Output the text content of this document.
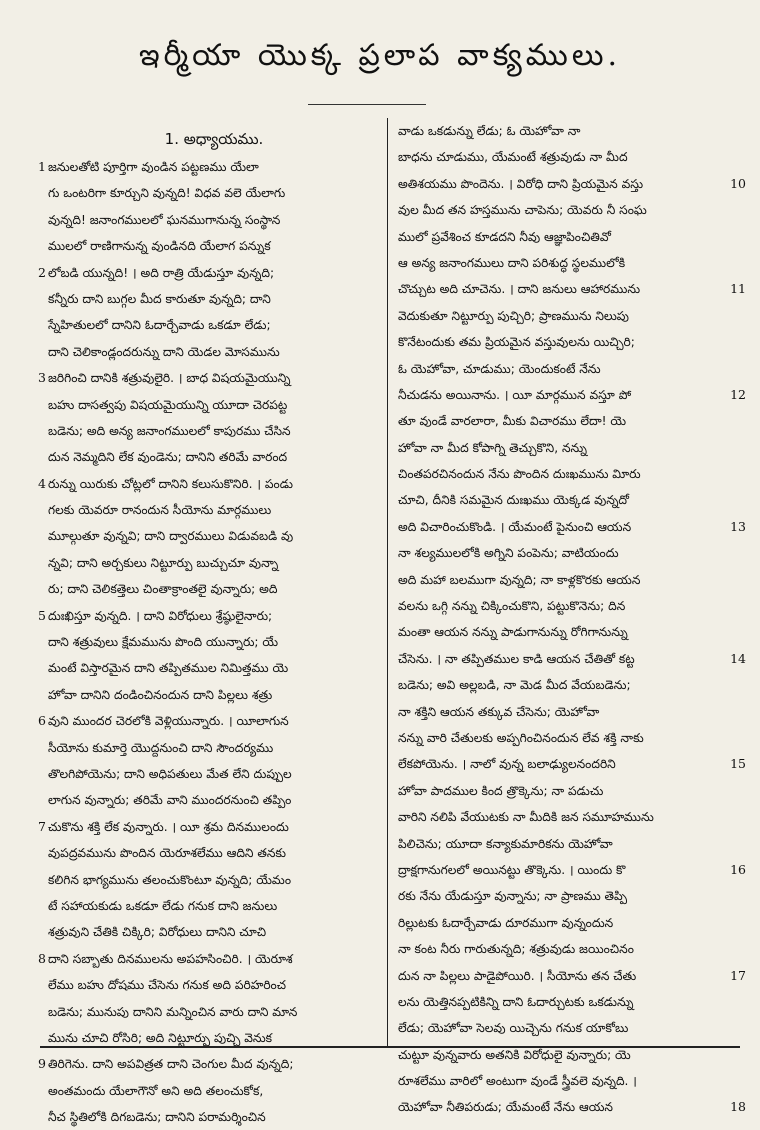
ఇర్మీయా యొక్క ప్రలాప వాక్యములు.
1. అధ్యాయము.
జనులతోటి పూర్తిగా వుండిన పట్టణము యేలా
1
గు ఒంటరిగా కూర్చుని వున్నది! విధవ వలె యేలాగు
వున్నది! జనాంగములలో ఘనముగానున్న సంస్థాన
ములలో రాణిగానున్న వుండినది యేలాగ పన్నుక
లోబడి యున్నది! । అది రాత్రి యేడుస్తూ వున్నది;
2
కన్నీరు దాని బుగ్గల మీద కారుతూ వున్నది; దాని
స్నేహితులలో దానిని ఓదార్చేవాడు ఒకడూ లేడు;
దాని చెలికాండ్లందరున్ను దాని యెడల మోసమును
జరిగించి దానికి శత్రువులైరి. । బాధ విషయమైయున్ని
3
బహు దాసత్వపు విషయమైయున్ని యూదా చెరపట్ట
బడెను; అది అన్య జనాంగములలో కాపురము చేసిన
దున నెమ్మదిని లేక వుండెను; దానిని తరిమే వారంద
రున్ను యిరుకు చోట్లలో దానిని కలుసుకొనిరి. । పండు
4
గలకు యెవరూ రానందున సీయోను మార్గములు
మూల్గుతూ వున్నవి; దాని ద్వారములు విడువబడి వు
న్నవి; దాని అర్చకులు నిట్టూర్పు బుచ్చుచూ వున్నా
రు; దాని చెలికత్తెలు చింతాక్రాంతలై వున్నారు; అది
దుఃఖిస్తూ వున్నది. । దాని విరోధులు శ్రేష్ఠులైనారు;
5
దాని శత్రువులు క్షేమమును పొంది యున్నారు; యే
మంటే విస్తారమైన దాని తప్పితముల నిమిత్తము యె
హోవా దానిని దండించినందున దాని పిల్లలు శత్రు
వుని ముందర చెరలోకి వెళ్లియున్నారు. । యీలాగున
6
సీయోను కుమార్తె యొద్దనుంచి దాని సౌందర్యము
తొలగిపోయెను; దాని అధిపతులు మేత లేని దుప్పుల
లాగున వున్నారు; తరిమే వాని ముందరనుంచి తప్పిం
చుకొను శక్తి లేక వున్నారు. । యీ శ్రమ దినములందు
7
వుపద్రవమును పొందిన యెరూశలేము ఆదిని తనకు
కలిగిన భాగ్యమును తలంచుకొంటూ వున్నది; యేమం
టే సహాయకుడు ఒకడూ లేడు గనుక దాని జనులు
శత్రువుని చేతికి చిక్కిరి; విరోధులు దానిని చూచి
దాని సబ్బాతు దినములను అపహసించిరి. । యెరూశ
8
లేము బహు దోషము చేసెను గనుక అది పరిహరించ
బడెను; మునుపు దానిని మన్నించిన వారు దాని మాన
మును చూచి రోసిరి; అది నిట్టూర్పు పుచ్చి వెనుక
తిరిగెను. దాని అపవిత్రత దాని చెంగుల మీద వున్నది;
9
అంతమందు యేలాగౌనో అని అది తలంచుకోక,
నీచ స్థితిలోకి దిగబడెను; దానిని పరామర్శించిన
వాడు ఒకడున్ను లేడు; ఓ యెహోవా నా
బాధను చూడుము, యేమంటే శత్రువుడు నా మీద
అతిశయము పొందెను. । విరోధి దాని ప్రియమైన వస్తు	10
వుల మీద తన హస్తమును చాపెను; యెవరు నీ సంఘ
ములో ప్రవేశించ కూడదని నీవు ఆజ్ఞాపించితివో
ఆ అన్య జనాంగములు దాని పరిశుద్ధ స్థలములోకి
చొచ్చుట అది చూచెను. । దాని జనులు ఆహారమును	11
వెదుకుతూ నిట్టూర్పు పుచ్చిరి; ప్రాణమును నిలుపు
కొనేటందుకు తమ ప్రియమైన వస్తువులను యిచ్చిరి;
ఓ యెహోవా, చూడుము; యెందుకంటే నేను
నీచుడను అయినాను. । యీ మార్గమున వస్తూ పో	12
తూ వుండే వారలారా, మీకు విచారము లేదా! యె
హోవా నా మీద కోపాగ్ని తెచ్చుకొని, నన్ను
చింతపరచినందున నేను పొందిన దుఃఖమును విూరు
చూచి, దీనికి సమమైన దుఃఖము యెక్కడ వున్నదో
అది విచారించుకొండి. । యేమంటే పైనుంచి ఆయన	13
నా శల్యములలోకి అగ్నిని పంపెను; వాటియందు
అది మహా బలముగా వున్నది; నా కాళ్లకొరకు ఆయన
వలను ఒగ్గి నన్ను చిక్కించుకొని, పట్టుకొనెను; దిన
మంతా ఆయన నన్ను పాడుగానున్ను రోగిగానున్ను
చేసెను. । నా తప్పితముల కాడి ఆయన చేతితో కట్ట	14
బడెను; అవి అల్లబడి, నా మెడ మీద వేయబడెను;
నా శక్తిని ఆయన తక్కువ చేసెను; యెహోవా
నన్ను వారి చేతులకు అప్పగించినందున లేవ శక్తి నాకు
లేకపోయెను. । నాలో వున్న బలాఢ్యులనందరిని	15
హోవా పాదముల కింద త్రొక్కెను; నా పడుచు
వారిని నలిపి వేయుటకు నా మీదికి జన సమూహమును
పిలిచెను; యూదా కన్యాకుమారికను యెహోవా
ద్రాక్షగానుగలలో అయినట్టు తొక్కెను. । యిందు కొ	16
రకు నేను యేడుస్తూ వున్నాను; నా ప్రాణము తెప్పి
రిల్లుటకు ఓదార్చేవాడు దూరముగా వున్నందున
నా కంట నీరు గారుతున్నది; శత్రువుడు జయించినం
దున నా పిల్లలు పాడైపోయిరి. । సీయోను తన చేతు	17
లను యెత్తినప్పటికిన్ని దాని ఓదార్చుటకు ఒకడున్ను
లేడు; యెహోవా సెలవు యిచ్చెను గనుక యాకోబు
చుట్టూ వున్నవారు అతనికి విరోధులై వున్నారు; యె
రూశలేము వారిలో అంటుగా వుండే స్త్రీవలె వున్నది. ।
యెహోవా నీతిపరుడు; యేమంటే నేను ఆయన	18
